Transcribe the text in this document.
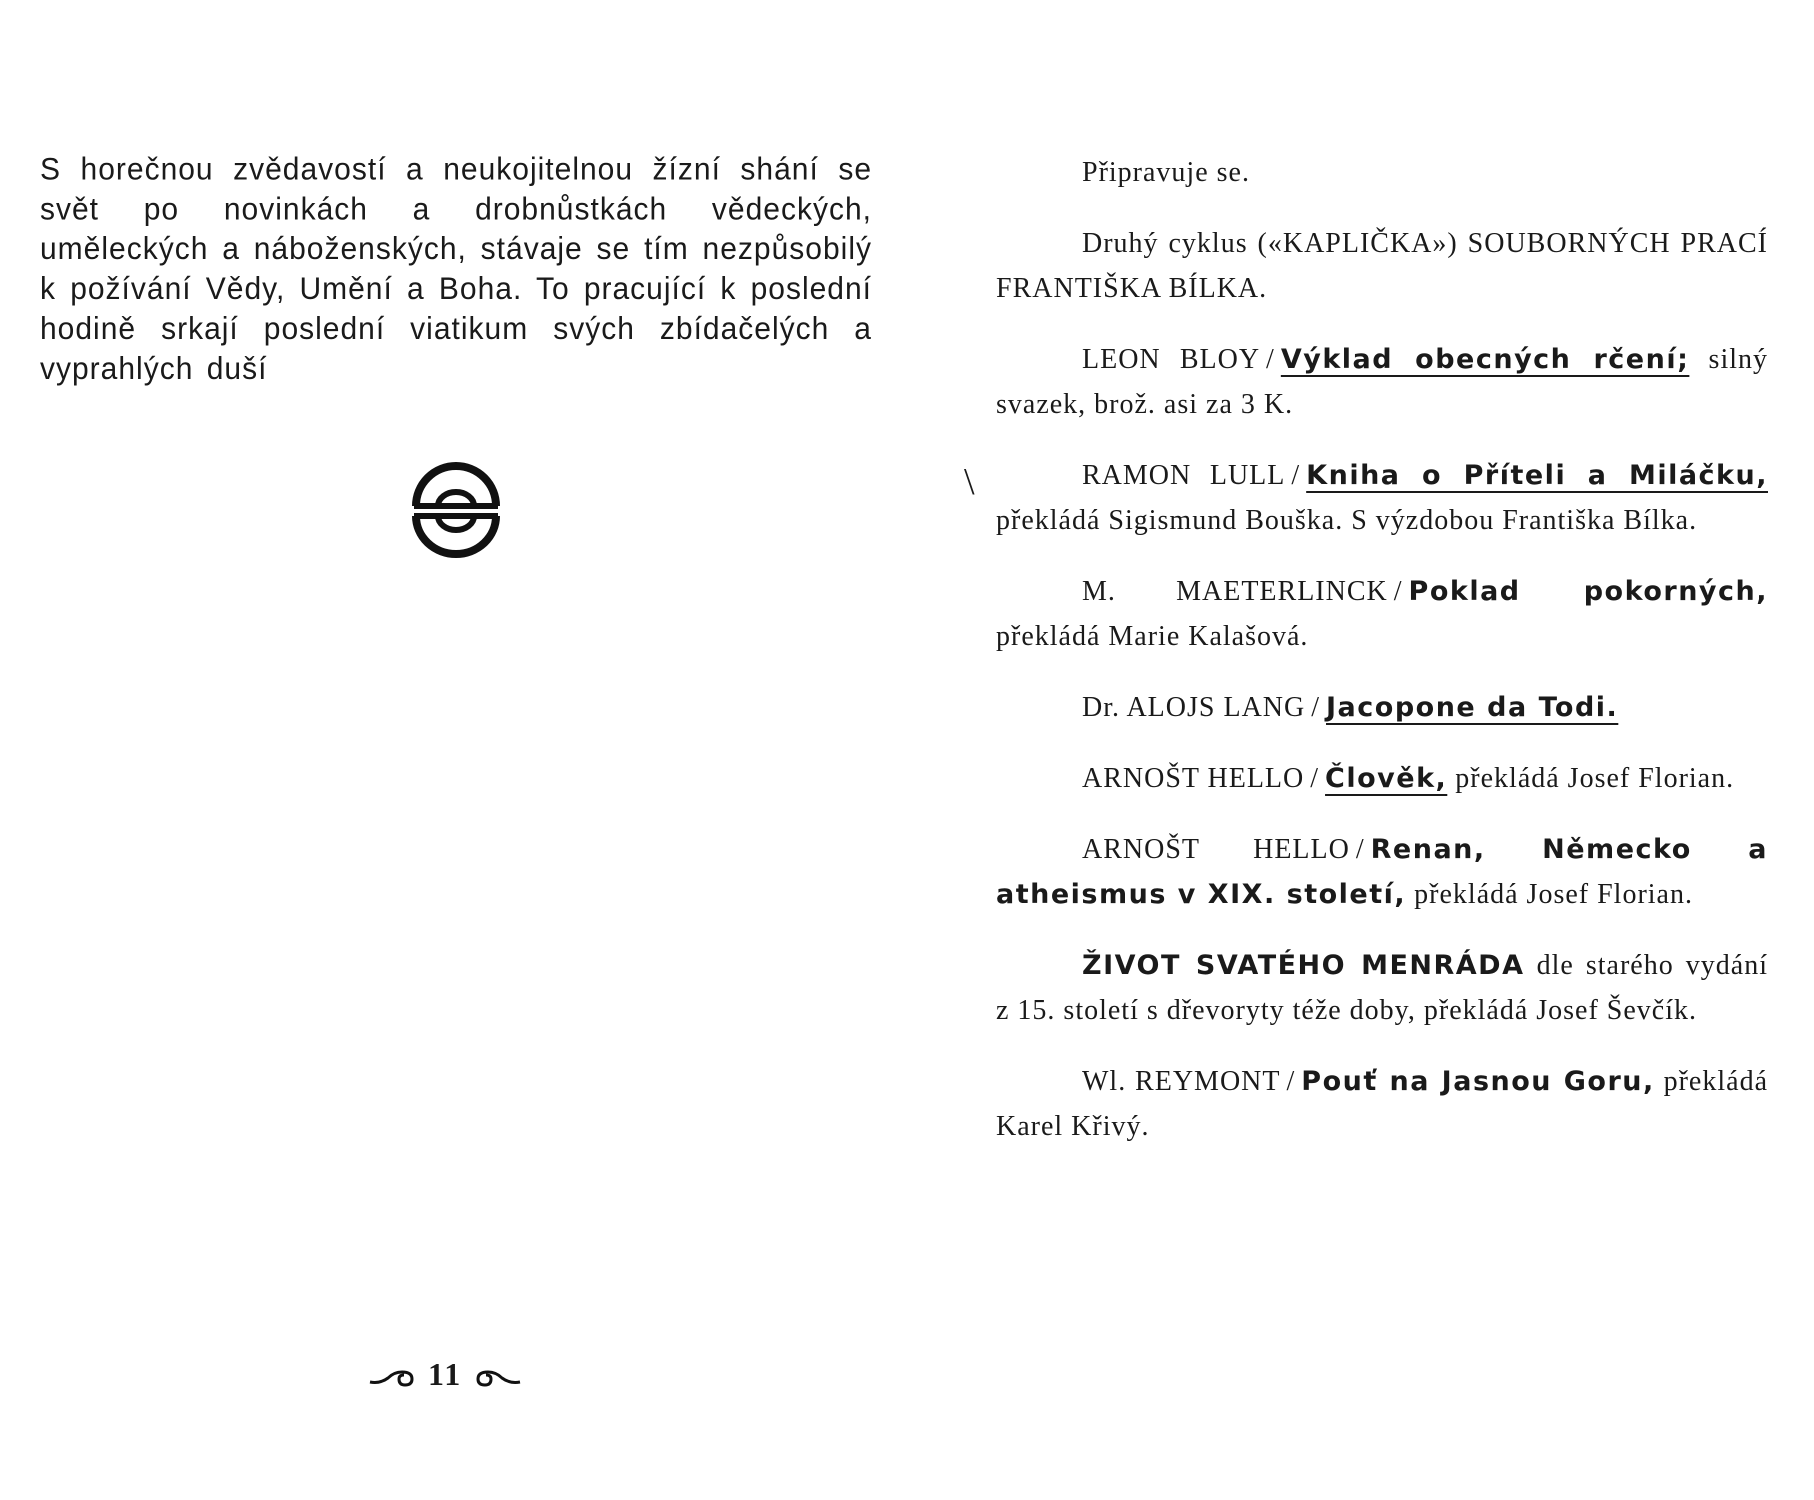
S horečnou zvědavostí a neukojitelnou žízní shání se svět po novinkách a drobnůstkách vědeckých, uměleckých a náboženských, stávaje se tím nezpůsobilý k požívání Vědy, Umění a Boha. To pracující k poslední hodině srkají poslední viatikum svých zbídačelých a vyprahlých duší

11
\

Připravuje se.

Druhý cyklus («KAPLIČKA») SOUBORNÝCH PRACÍ FRANTIŠKA BÍLKA.

LEON BLOY / Výklad obecných rčení; silný svazek, brož. asi za 3 K.

RAMON LULL / Kniha o Příteli a Miláčku, překládá Sigismund Bouška. S výzdobou Františka Bílka.

M. MAETERLINCK / Poklad pokorných, překládá Marie Kalašová.

Dr. ALOJS LANG / Jacopone da Todi.

ARNOŠT HELLO / Člověk, překládá Josef Florian.

ARNOŠT HELLO / Renan, Německo a atheismus v XIX. století, překládá Josef Florian.

ŽIVOT SVATÉHO MENRÁDA dle starého vydání z 15. století s dřevoryty téže doby, překládá Josef Ševčík.

Wl. REYMONT / Pouť na Jasnou Goru, překládá Karel Křivý.
